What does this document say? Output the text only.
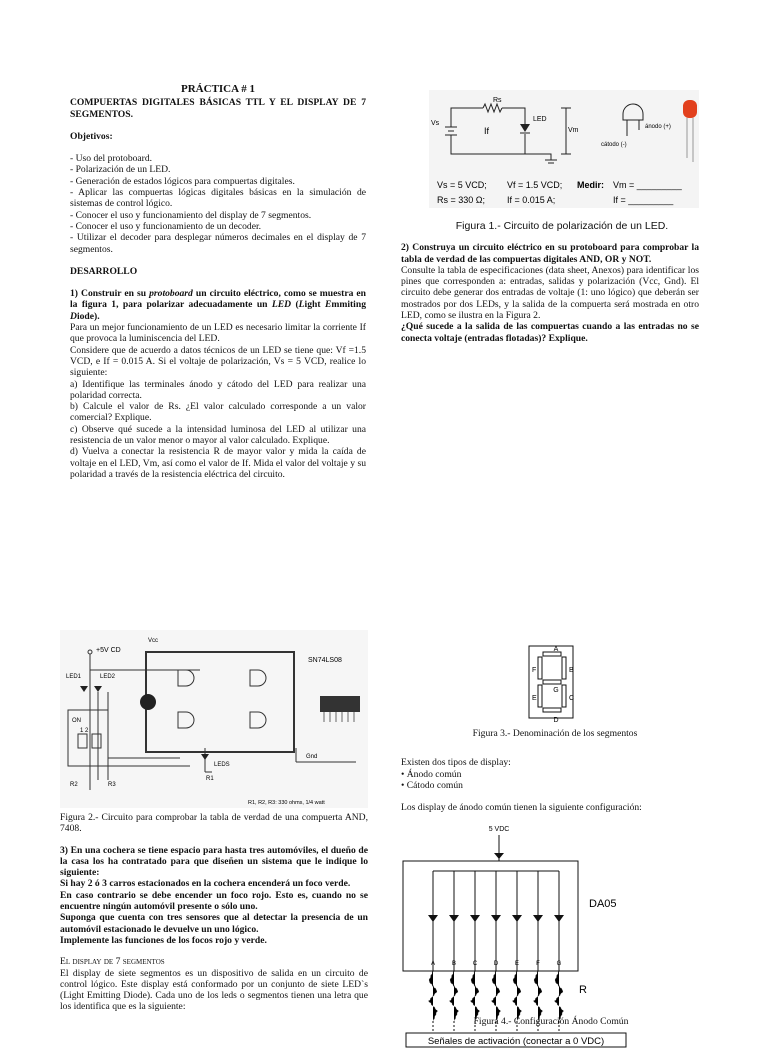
PRÁCTICA # 1

COMPUERTAS DIGITALES BÁSICAS TTL Y EL DISPLAY DE 7 SEGMENTOS.

Objetivos:

- Uso del protoboard.

- Polarización de un LED.

- Generación de estados lógicos para compuertas digitales.

- Aplicar las compuertas lógicas digitales básicas en la simulación de sistemas de control lógico.

- Conocer el uso y funcionamiento del display de 7 segmentos.

- Conocer el uso y funcionamiento de un decoder.

- Utilizar el decoder para desplegar números decimales en el display de 7 segmentos.

DESARROLLO

1) Construir en su protoboard un circuito eléctrico, como se muestra en la figura 1, para polarizar adecuadamente un LED (Light Emmiting Diode).

Para un mejor funcionamiento de un LED es necesario limitar la corriente If que provoca la luminiscencia del LED.

Considere que de acuerdo a datos técnicos de un LED se tiene que: Vf =1.5 VCD, e If = 0.015 A. Si el voltaje de polarización, Vs = 5 VCD, realice lo siguiente:

a) Identifique las terminales ánodo y cátodo del LED para realizar una polaridad correcta.

b) Calcule el valor de Rs. ¿El valor calculado corresponde a un valor comercial? Explique.

c) Observe qué sucede a la intensidad luminosa del LED al utilizar una resistencia de un valor menor o mayor al valor calculado. Explique.

d) Vuelva a conectar la resistencia R de mayor valor y mida la caída de voltaje en el LED, Vm, así como el valor de If. Mida el valor del voltaje y su polaridad a través de la resistencia eléctrica del circuito.

Rs
Vs
LED
If	Vm
cátodo (-)
ánodo (+)
Vs = 5 VCD; Vf = 1.5 VCD; Medir: Vm = _________
Rs = 330 Ω; If = 0.015 A;	If = _________
Figura 1.- Circuito de polarización de un LED.

2) Construya un circuito eléctrico en su protoboard para comprobar la tabla de verdad de las compuertas digitales AND, OR y NOT.

Consulte la tabla de especificaciones (data sheet, Anexos) para identificar los pines que corresponden a: entradas, salidas y polarización (Vcc, Gnd). El circuito debe generar dos entradas de voltaje (1: uno lógico) que deberán ser mostrados por dos LEDs, y la salida de la compuerta será mostrada en otro LED, como se ilustra en la Figura 2.

¿Qué sucede a la salida de las compuertas cuando a las entradas no se conecta voltaje (entradas flotadas)? Explique.

Vcc
+5V CD
LED1	LED2
SN74LS08
ON
1 2
Gnd
LEDS
R1
R2	R3
R1, R2, R3: 330 ohms, 1/4 watt

Figura 2.- Circuito para comprobar la tabla de verdad de una compuerta AND, 7408.

3) En una cochera se tiene espacio para hasta tres automóviles, el dueño de la casa los ha contratado para que diseñen un sistema que le indique lo siguiente:

Si hay 2 ó 3 carros estacionados en la cochera encenderá un foco verde.

En caso contrario se debe encender un foco rojo. Esto es, cuando no se encuentre ningún automóvil presente o sólo uno.

Suponga que cuenta con tres sensores que al detectar la presencia de un automóvil estacionado le devuelve un uno lógico.

Implemente las funciones de los focos rojo y verde.

El display de 7 segmentos

El display de siete segmentos es un dispositivo de salida en un circuito de control lógico. Este display está conformado por un conjunto de siete LED`s (Light Emitting Diode). Cada uno de los leds o segmentos tienen una letra que los identifica que es la siguiente:

A
B
C
D
E
F
G
Figura 3.- Denominación de los segmentos

Existen dos tipos de display:

• Ánodo común

• Cátodo común

Los display de ánodo común tienen la siguiente configuración:

5 VDC
DA05
R
A	B	C	D	E	F	G
Señales de activación (conectar a 0 VDC)
Figura 4.- Configuración Ánodo Común
